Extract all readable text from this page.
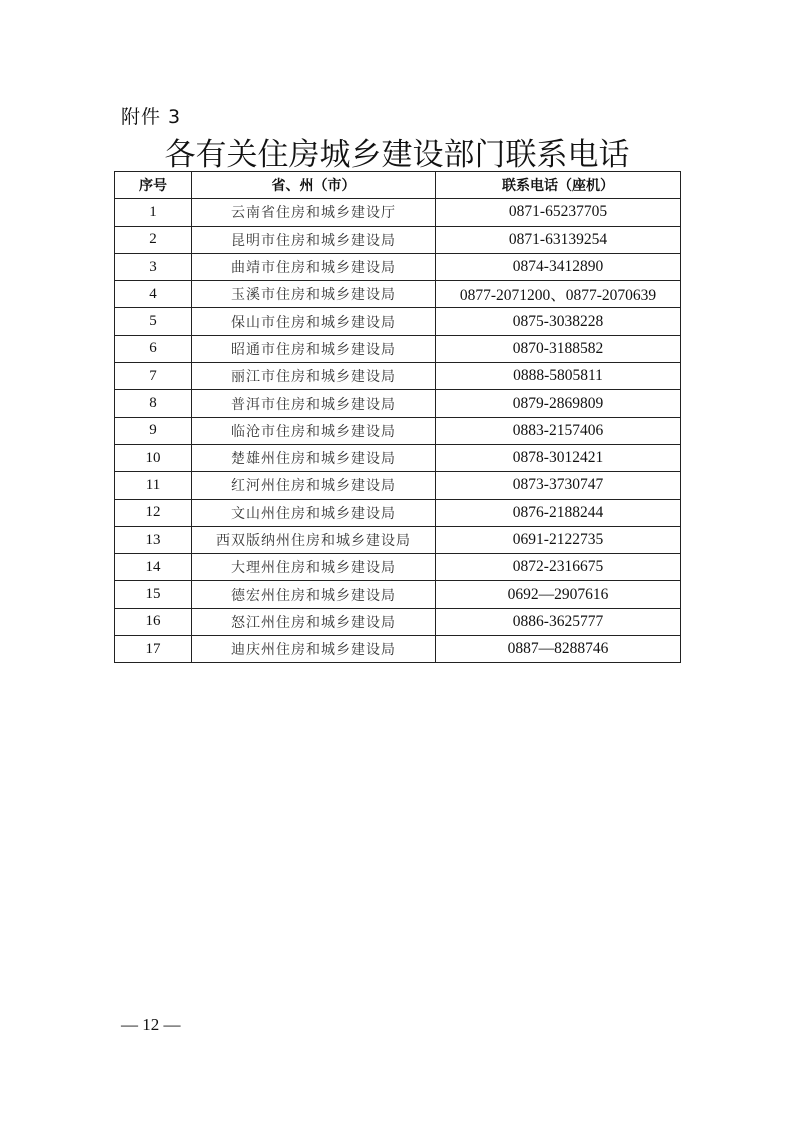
附件 3
各有关住房城乡建设部门联系电话
序号	省、州（市）	联系电话（座机）
1	云南省住房和城乡建设厅	0871-65237705
2	昆明市住房和城乡建设局	0871-63139254
3	曲靖市住房和城乡建设局	0874-3412890
4	玉溪市住房和城乡建设局	0877-2071200、0877-2070639
5	保山市住房和城乡建设局	0875-3038228
6	昭通市住房和城乡建设局	0870-3188582
7	丽江市住房和城乡建设局	0888-5805811
8	普洱市住房和城乡建设局	0879-2869809
9	临沧市住房和城乡建设局	0883-2157406
10	楚雄州住房和城乡建设局	0878-3012421
11	红河州住房和城乡建设局	0873-3730747
12	文山州住房和城乡建设局	0876-2188244
13	西双版纳州住房和城乡建设局	0691-2122735
14	大理州住房和城乡建设局	0872-2316675
15	德宏州住房和城乡建设局	0692—2907616
16	怒江州住房和城乡建设局	0886-3625777
17	迪庆州住房和城乡建设局	0887—8288746
— 12 —
